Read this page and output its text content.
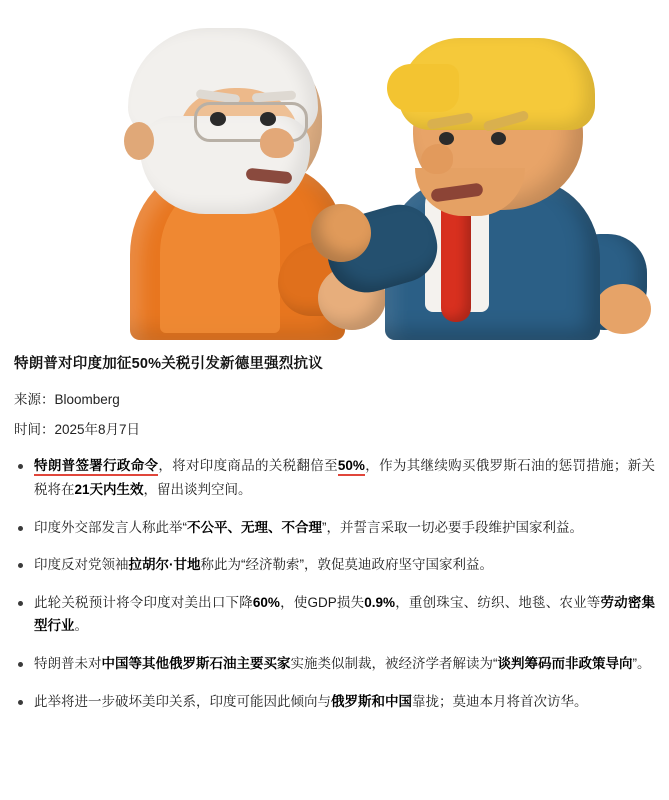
特朗普对印度加征50%关税引发新德里强烈抗议
来源：Bloomberg
时间：2025年8月7日
特朗普签署行政命令，将对印度商品的关税翻倍至50%，作为其继续购买俄罗斯石油的惩罚措施；新关税将在21天内生效，留出谈判空间。
印度外交部发言人称此举“不公平、无理、不合理”，并誓言采取一切必要手段维护国家利益。
印度反对党领袖拉胡尔·甘地称此为“经济勒索”，敦促莫迪政府坚守国家利益。
此轮关税预计将令印度对美出口下降60%，使GDP损失0.9%，重创珠宝、纺织、地毯、农业等劳动密集型行业。
特朗普未对中国等其他俄罗斯石油主要买家实施类似制裁，被经济学者解读为“谈判筹码而非政策导向”。
此举将进一步破坏美印关系，印度可能因此倾向与俄罗斯和中国靠拢；莫迪本月将首次访华。
